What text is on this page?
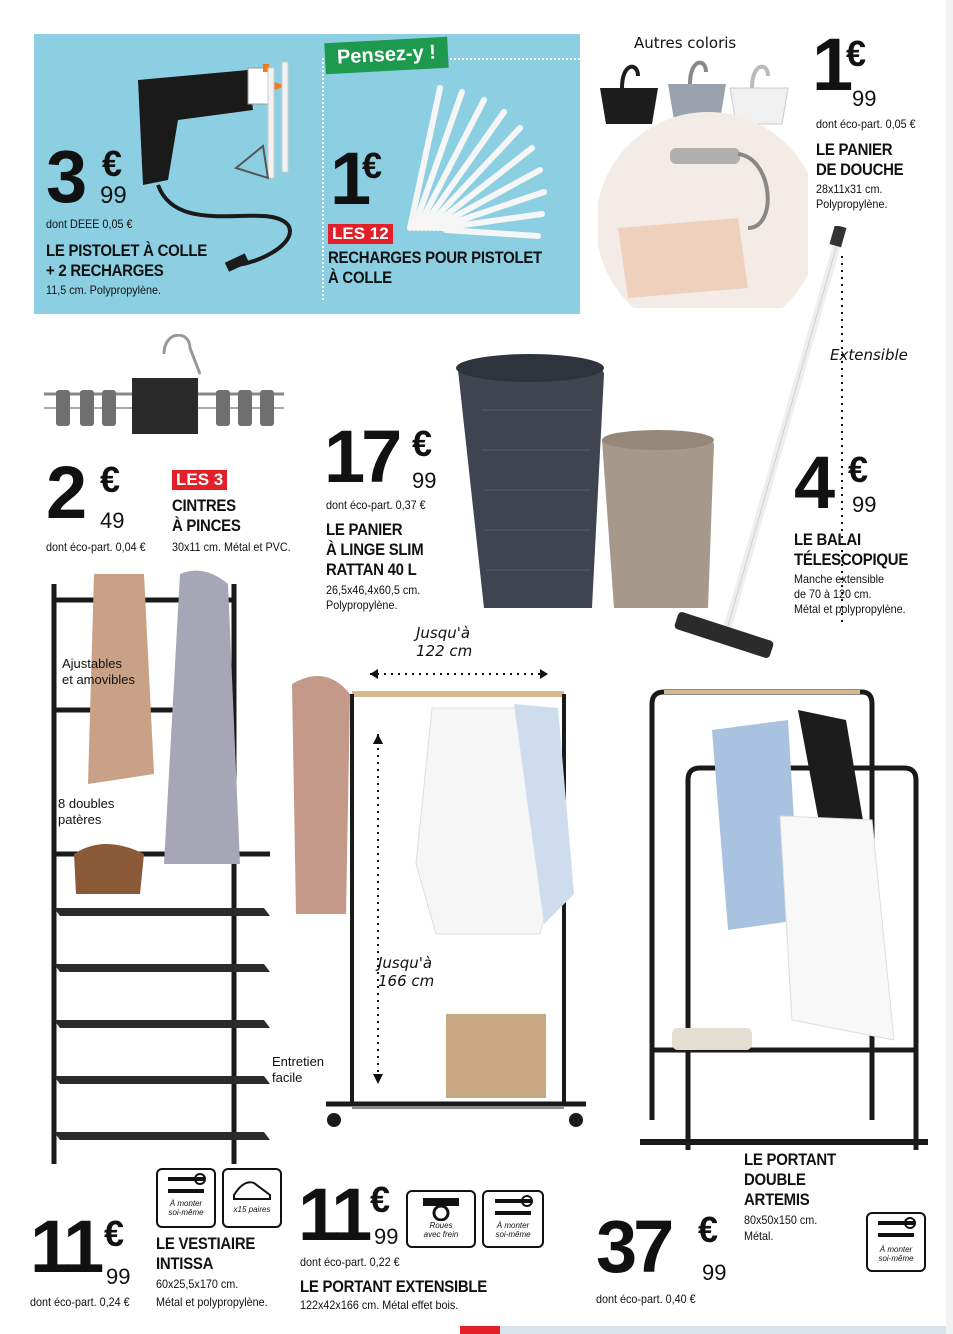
Pensez-y !
3 €
99
dont DEEE 0,05 €
LE PISTOLET À COLLE
+ 2 RECHARGES
11,5 cm. Polypropylène.
1
€
LES 12
RECHARGES POUR PISTOLET
À COLLE
Autres coloris 1
€
99
dont éco-part. 0,05 €
LE PANIER
DE DOUCHE
28x11x31 cm.
Polypropylène.
2 €
49
LES 3
CINTRES
À PINCES
dont éco-part. 0,04 € 30x11 cm. Métal et PVC.
17 €
99
dont éco-part. 0,37 €
LE PANIER
À LINGE SLIM
RATTAN 40 L
26,5x46,4x60,5 cm.
Polypropylène.
Extensible
4 €
99
LE BALAI
TÉLESCOPIQUE
Manche extensible
de 70 à 120 cm.
Métal et polypropylène.
Ajustables
et amovibles
8 doubles
patères
Entretien
facile
À monter
soi-même	x15 paires
11 €
99
dont éco-part. 0,24 €
LE VESTIAIRE
INTISSA
60x25,5x170 cm.
Métal et polypropylène.
Jusqu'à
122 cm
Jusqu'à
166 cm
Roues
avec frein
À monter
soi-même
11 €
99
dont éco-part. 0,22 €
LE PORTANT EXTENSIBLE
122x42x166 cm. Métal effet bois.
LE PORTANT
DOUBLE
ARTEMIS
80x50x150 cm.
Métal.
À monter
soi-même
37 €
99
dont éco-part. 0,40 €
